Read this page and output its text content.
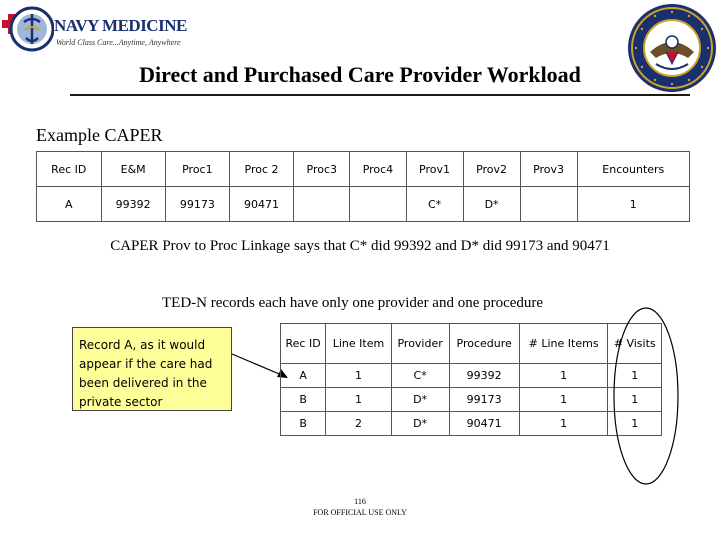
NAVY MEDICINE
World Class Care...Anytime, Anywhere
Direct and Purchased Care Provider Workload
Example CAPER
Rec ID	E&M	Proc1	Proc 2	Proc3	Proc4	Prov1	Prov2	Prov3	Encounters
A	99392	99173	90471			C*	D*		1
CAPER Prov to Proc Linkage says that C* did 99392 and D* did 99173 and 90471
TED-N records each have only one provider and one procedure
Record A, as it would appear if the care had been delivered in the private sector
Rec ID	Line Item	Provider	Procedure	# Line Items	# Visits
A	1	C*	99392	1	1
B	1	D*	99173	1	1
B	2	D*	90471	1	1
116
FOR OFFICIAL USE ONLY
